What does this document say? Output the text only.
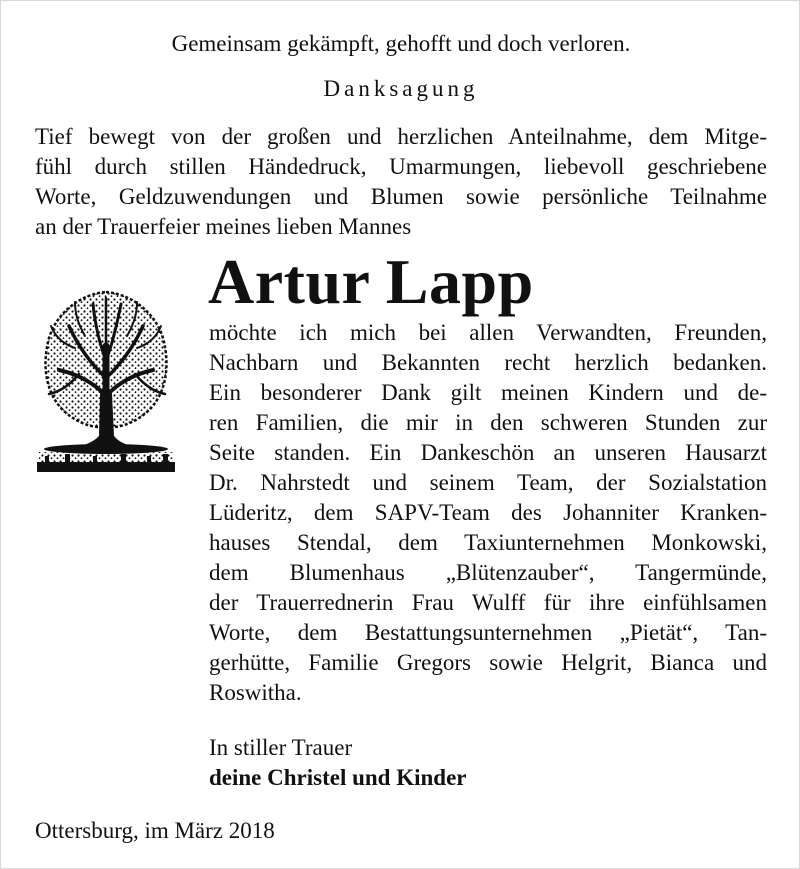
Gemeinsam gekämpft, gehofft und doch verloren.
Danksagung
Tief bewegt von der großen und herzlichen Anteilnahme, dem Mitge-
fühl durch stillen Händedruck, Umarmungen, liebevoll geschriebene
Worte, Geldzuwendungen und Blumen sowie persönliche Teilnahme
an der Trauerfeier meines lieben Mannes
Artur Lapp
möchte ich mich bei allen Verwandten, Freunden,
Nachbarn und Bekannten recht herzlich bedanken.
Ein besonderer Dank gilt meinen Kindern und de-
ren Familien, die mir in den schweren Stunden zur
Seite standen. Ein Dankeschön an unseren Hausarzt
Dr. Nahrstedt und seinem Team, der Sozialstation
Lüderitz, dem SAPV-Team des Johanniter Kranken-
hauses Stendal, dem Taxiunternehmen Monkowski,
dem Blumenhaus „Blütenzauber“, Tangermünde,
der Trauerrednerin Frau Wulff für ihre einfühlsamen
Worte, dem Bestattungsunternehmen „Pietät“, Tan-
gerhütte, Familie Gregors sowie Helgrit, Bianca und
Roswitha.
In stiller Trauer
deine Christel und Kinder
Ottersburg, im März 2018
